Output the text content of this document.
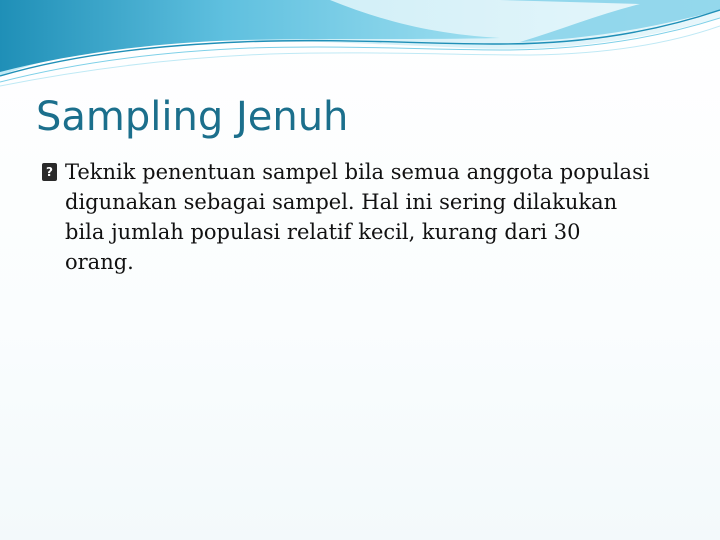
Sampling Jenuh
? Teknik penentuan sampel bila semua anggota populasi digunakan sebagai sampel. Hal ini sering dilakukan bila jumlah populasi relatif kecil, kurang dari 30 orang.
